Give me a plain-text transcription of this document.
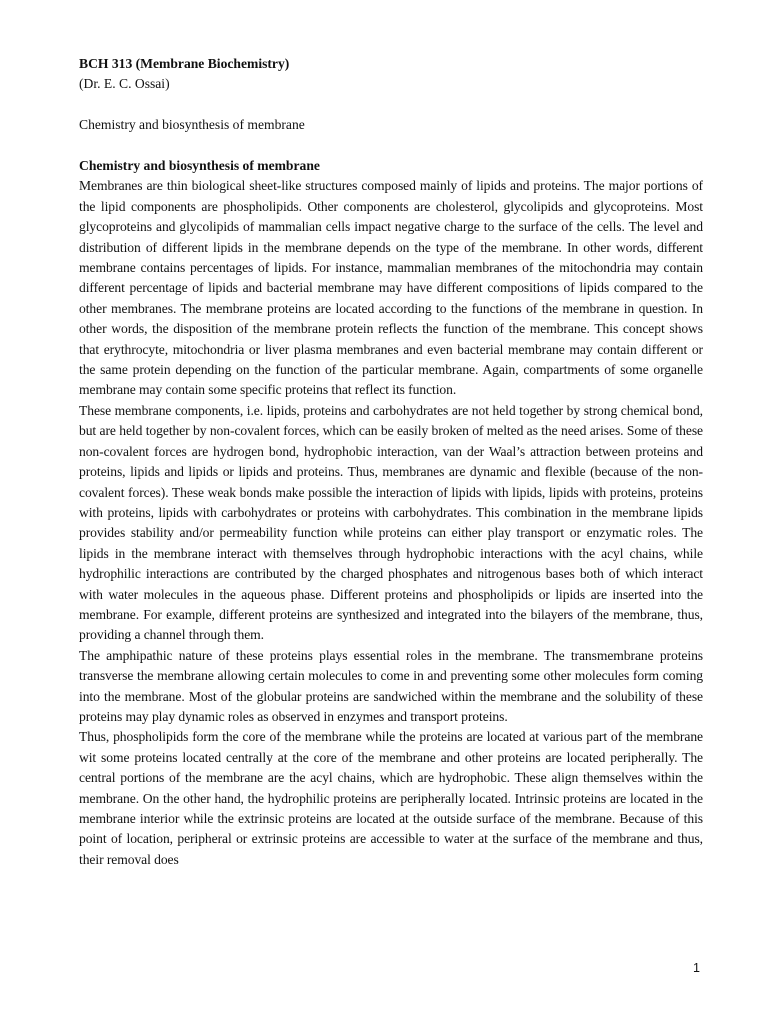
BCH 313 (Membrane Biochemistry)

(Dr. E. C. Ossai)

Chemistry and biosynthesis of membrane

Chemistry and biosynthesis of membrane

Membranes are thin biological sheet-like structures composed mainly of lipids and proteins. The major portions of the lipid components are phospholipids. Other components are cholesterol, glycolipids and glycoproteins. Most glycoproteins and glycolipids of mammalian cells impact negative charge to the surface of the cells. The level and distribution of different lipids in the membrane depends on the type of the membrane. In other words, different membrane contains percentages of lipids. For instance, mammalian membranes of the mitochondria may contain different percentage of lipids and bacterial membrane may have different compositions of lipids compared to the other membranes. The membrane proteins are located according to the functions of the membrane in question. In other words, the disposition of the membrane protein reflects the function of the membrane. This concept shows that erythrocyte, mitochondria or liver plasma membranes and even bacterial membrane may contain different or the same protein depending on the function of the particular membrane. Again, compartments of some organelle membrane may contain some specific proteins that reflect its function.

These membrane components, i.e. lipids, proteins and carbohydrates are not held together by strong chemical bond, but are held together by non-covalent forces, which can be easily broken of melted as the need arises. Some of these non-covalent forces are hydrogen bond, hydrophobic interaction, van der Waal’s attraction between proteins and proteins, lipids and lipids or lipids and proteins. Thus, membranes are dynamic and flexible (because of the non-covalent forces). These weak bonds make possible the interaction of lipids with lipids, lipids with proteins, proteins with proteins, lipids with carbohydrates or proteins with carbohydrates. This combination in the membrane lipids provides stability and/or permeability function while proteins can either play transport or enzymatic roles. The lipids in the membrane interact with themselves through hydrophobic interactions with the acyl chains, while hydrophilic interactions are contributed by the charged phosphates and nitrogenous bases both of which interact with water molecules in the aqueous phase. Different proteins and phospholipids or lipids are inserted into the membrane. For example, different proteins are synthesized and integrated into the bilayers of the membrane, thus, providing a channel through them.

The amphipathic nature of these proteins plays essential roles in the membrane. The transmembrane proteins transverse the membrane allowing certain molecules to come in and preventing some other molecules form coming into the membrane. Most of the globular proteins are sandwiched within the membrane and the solubility of these proteins may play dynamic roles as observed in enzymes and transport proteins.

Thus, phospholipids form the core of the membrane while the proteins are located at various part of the membrane wit some proteins located centrally at the core of the membrane and other proteins are located peripherally. The central portions of the membrane are the acyl chains, which are hydrophobic. These align themselves within the membrane. On the other hand, the hydrophilic proteins are peripherally located. Intrinsic proteins are located in the membrane interior while the extrinsic proteins are located at the outside surface of the membrane. Because of this point of location, peripheral or extrinsic proteins are accessible to water at the surface of the membrane and thus, their removal does

1
